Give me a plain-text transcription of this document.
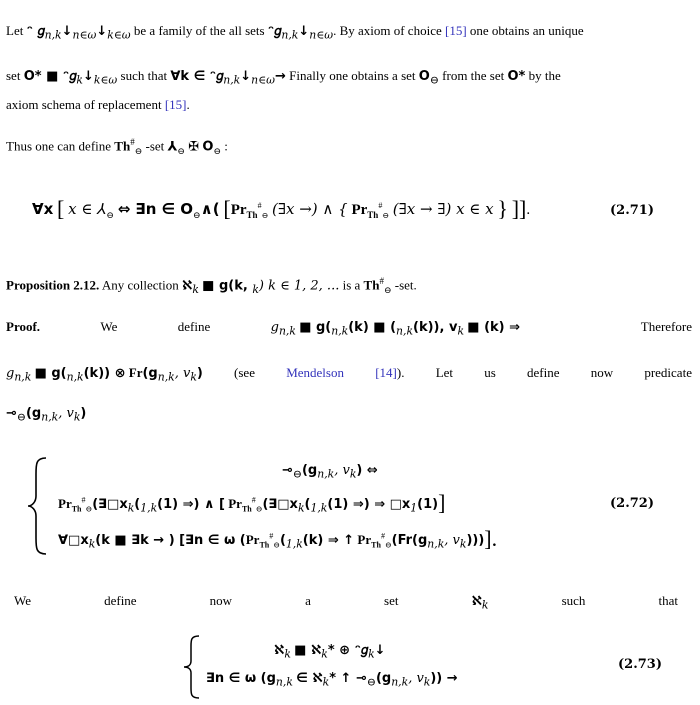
Let ᵔ $𝑔_{n,k}↓_{n\in\omega}↓_{k\in\omega}$ be a family of the all sets $ᵔ𝑔_{n,k}↓_{n\in\omega}$. By axiom of choice [15] one obtains an unique
set O* ■ $ᵔ𝑔_k↓_{k\in\omega}$ such that ∀k ∈ $ᵔ𝑔_{n,k}↓_{n\in\omega}\to$ Finally one obtains a set $O_⊖$ from the set O* by the
axiom schema of replacement [15].
Thus one can define $Th^{\#}_⊖$ -set $⅄_⊖$ ✠ $O_⊖$ :
∀x [ x ∈ $⅄_⊖$ ⇔ ∃n ∈ $O_⊖\wedge$( [$Pr_{Th}^{\#}_⊖$ (∃x →) ∧ { $Pr_{Th}^{\#}_⊖$ (∃x → ∃) x ∈ x } ]].	(2.71)
Proposition 2.12. Any collection ℵ$_k$ ■ g(k, $_k$) k ∈ 1, 2, ... is a $Th^{\#}_⊖$ -set.
Proof.	We	define	$g_{n,k}$ ■ $g(_{n,k}(k)$ ■ $(_{n,k}(k))$, $v_k$ ■ (k) ⇒	Therefore
$g_{n,k}$ ■ $g(_{n,k}(k))$ ⊗ $Fr(g_{n,k}$, $v_k$) (see Mendelson [14]). Let us define now predicate
$⊸_⊖(g_{n,k}$, $v_k$)
$⊸_⊖(g_{n,k}$, $v_k$) ⇔
$Pr_{Th}^{\#}_⊖(\exists□x_k(_{1,k}(1)$ ⇒) ∧ [ $Pr_{Th}^{\#}_⊖(\exists□x_k(_{1,k}(1)$ ⇒) ⇒ $□x_1(1)$]	(2.72)
$\forall□x_k(k$ ■ ∃k → ) [∃n ∈ ω ($Pr_{Th}^{\#}_⊖(_{1,k}(k)$ ⇒ ↑ $Pr_{Th}^{\#}_⊖(Fr(g_{n,k}$, $v_k$)))].
We	define	now	a	set	ℵ$_k$	such	that
ℵ$_k$ ■ ℵ$_k$* ⊕ ᵔ𝑔$_k$↓
∃n ∈ ω ($g_{n,k}$ ∈ ℵ$_k$* ↑ $⊸_⊖(g_{n,k}$, $v_k$)) →
(2.73)
